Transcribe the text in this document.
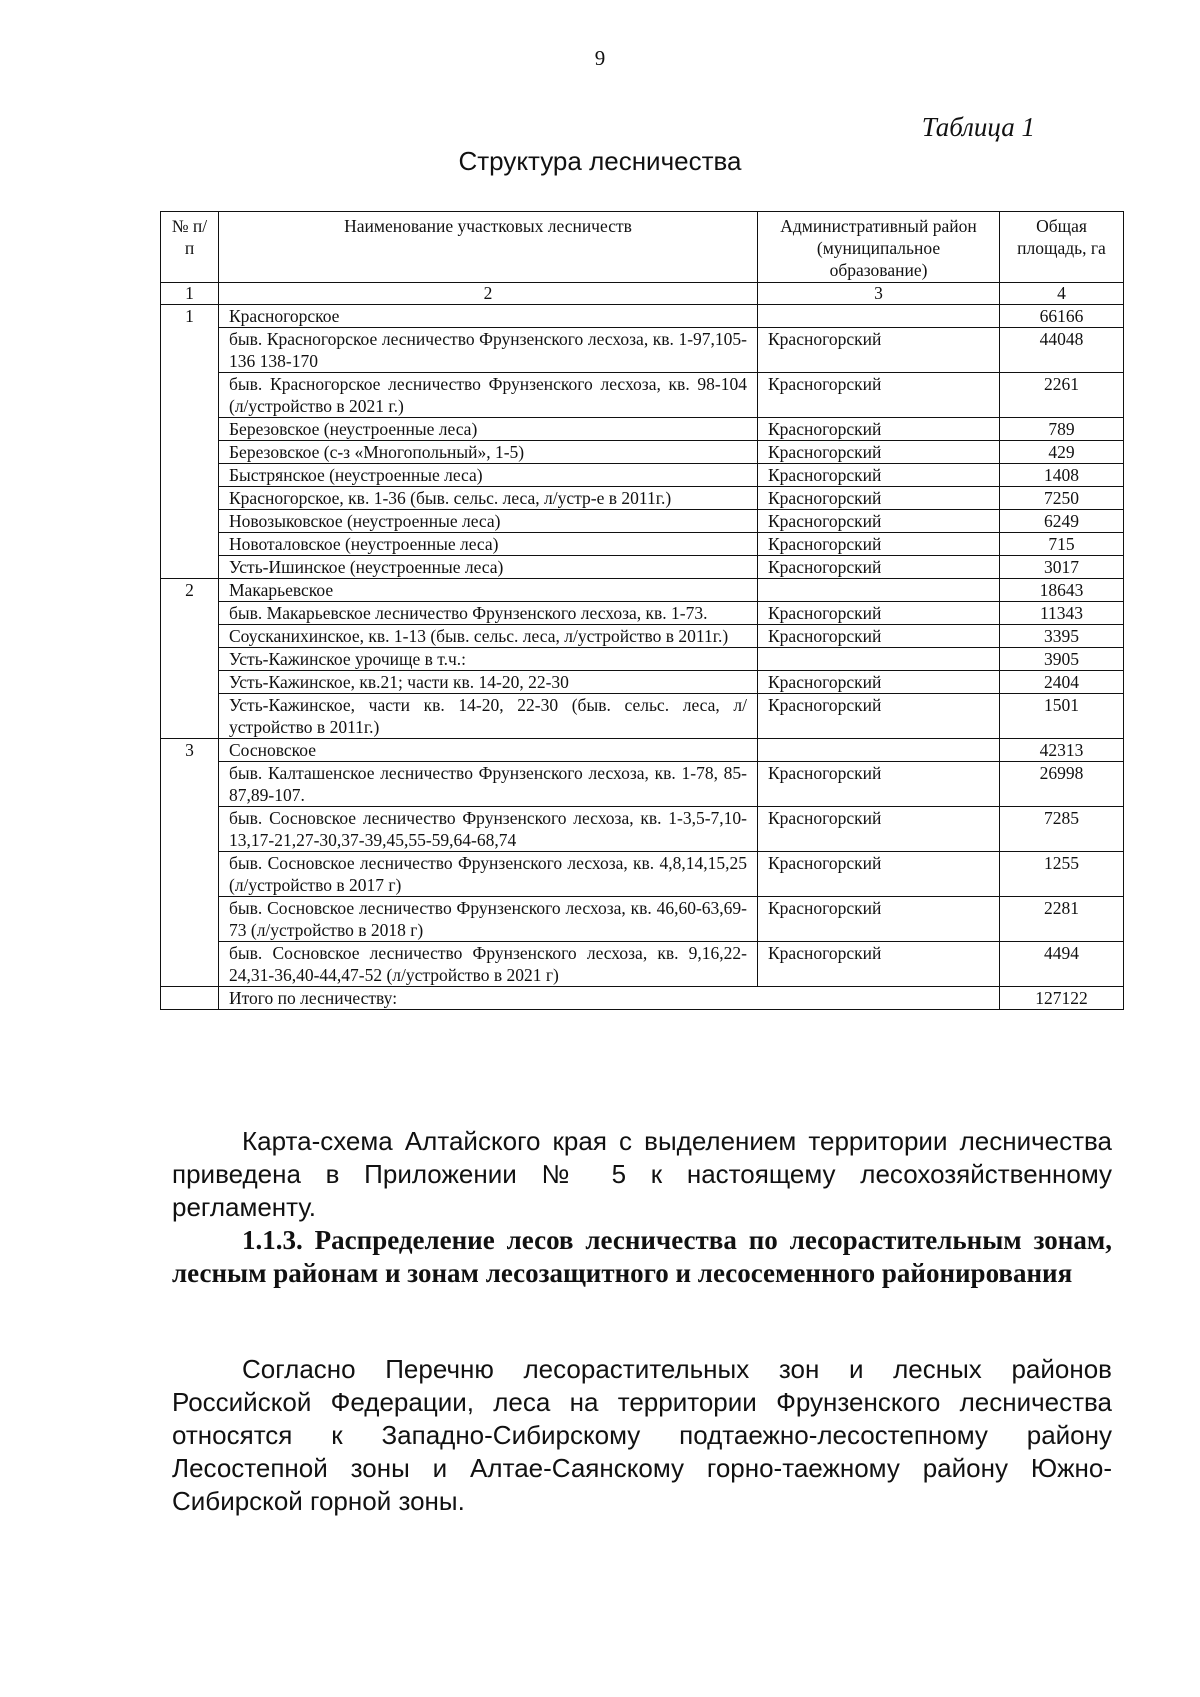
9
Таблица 1
Структура лесничества
№ п/п	Наименование участковых лесничеств	Административный район (муниципальное образование)	Общая площадь, га
1	2	3	4
1	Красногорское		66166
	быв. Красногорское лесничество Фрунзенского лесхоза, кв. 1-97,105-136 138-170	Красногорский	44048
	быв. Красногорское лесничество Фрунзенского лесхоза, кв. 98-104 (л/устройство в 2021 г.)	Красногорский	2261
	Березовское (неустроенные леса)	Красногорский	789
	Березовское (с-з «Многопольный», 1-5)	Красногорский	429
	Быстрянское (неустроенные леса)	Красногорский	1408
	Красногорское, кв. 1-36 (быв. сельс. леса, л/устр-е в 2011г.)	Красногорский	7250
	Новозыковское (неустроенные леса)	Красногорский	6249
	Новоталовское (неустроенные леса)	Красногорский	715
	Усть-Ишинское (неустроенные леса)	Красногорский	3017
2	Макарьевское		18643
	быв. Макарьевское лесничество Фрунзенского лесхоза, кв. 1-73.	Красногорский	11343
	Соусканихинское, кв. 1-13 (быв. сельс. леса, л/устройство в 2011г.)	Красногорский	3395
	Усть-Кажинское урочище в т.ч.:		3905
	Усть-Кажинское, кв.21; части кв. 14-20, 22-30	Красногорский	2404
	Усть-Кажинское, части кв. 14-20, 22-30 (быв. сельс. леса, л/устройство в 2011г.)	Красногорский	1501
3	Сосновское		42313
	быв. Калташенское лесничество Фрунзенского лесхоза, кв. 1-78, 85-87,89-107.	Красногорский	26998
	быв. Сосновское лесничество Фрунзенского лесхоза, кв. 1-3,5-7,10-13,17-21,27-30,37-39,45,55-59,64-68,74	Красногорский	7285
	быв. Сосновское лесничество Фрунзенского лесхоза, кв. 4,8,14,15,25 (л/устройство в 2017 г)	Красногорский	1255
	быв. Сосновское лесничество Фрунзенского лесхоза, кв. 46,60-63,69-73 (л/устройство в 2018 г)	Красногорский	2281
	быв. Сосновское лесничество Фрунзенского лесхоза, кв. 9,16,22-24,31-36,40-44,47-52 (л/устройство в 2021 г)	Красногорский	4494
	Итого по лесничеству:		127122
Карта-схема Алтайского края с выделением территории лесничества приведена в Приложении № 5 к настоящему лесохозяйственному регламенту.
1.1.3. Распределение лесов лесничества по лесорастительным зонам, лесным районам и зонам лесозащитного и лесосеменного районирования
Согласно Перечню лесорастительных зон и лесных районов Российской Федерации, леса на территории Фрунзенского лесничества относятся к Западно-Сибирскому подтаежно-лесостепному району Лесостепной зоны и Алтае-Саянскому горно-таежному району Южно-Сибирской горной зоны.
